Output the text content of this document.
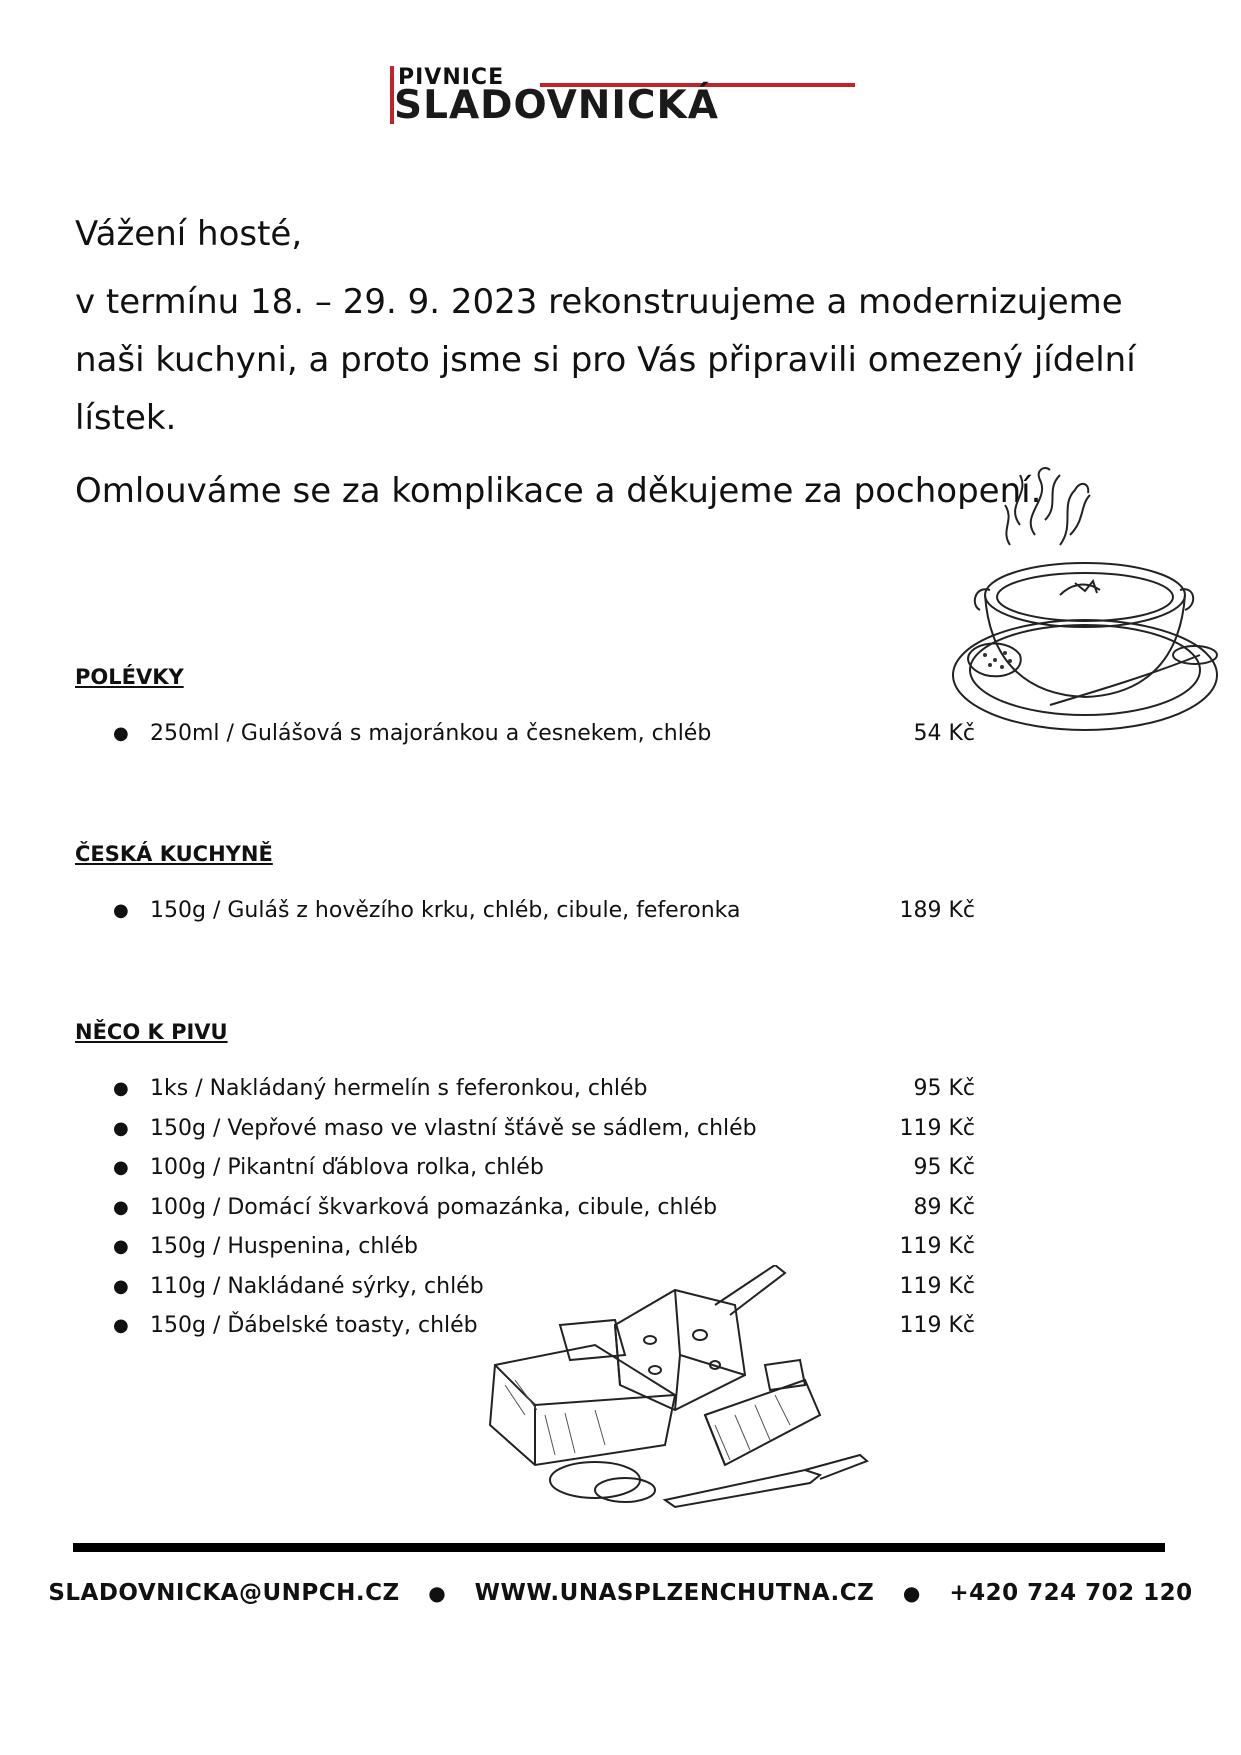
PIVNICE
SLADOVNICKÁ

Vážení hosté,

v termínu 18. – 29. 9. 2023 rekonstruujeme a modernizujeme naši kuchyni, a proto jsme si pro Vás připravili omezený jídelní lístek.

Omlouváme se za komplikace a děkujeme za pochopení.

POLÉVKY

● 250ml / Gulášová s majoránkou a česnekem, chléb	54 Kč

ČESKÁ KUCHYNĚ

● 150g / Guláš z hovězího krku, chléb, cibule, feferonka	189 Kč

NĚCO K PIVU

● 1ks / Nakládaný hermelín s feferonkou, chléb	95 Kč
● 150g / Vepřové maso ve vlastní šťávě se sádlem, chléb	119 Kč
● 100g / Pikantní ďáblova rolka, chléb	95 Kč
● 100g / Domácí škvarková pomazánka, cibule, chléb	89 Kč
● 150g / Huspenina, chléb	119 Kč
● 110g / Nakládané sýrky, chléb	119 Kč
● 150g / Ďábelské toasty, chléb	119 Kč
SLADOVNICKA@UNPCH.CZ ● WWW.UNASPLZENCHUTNA.CZ ● +420 724 702 120
